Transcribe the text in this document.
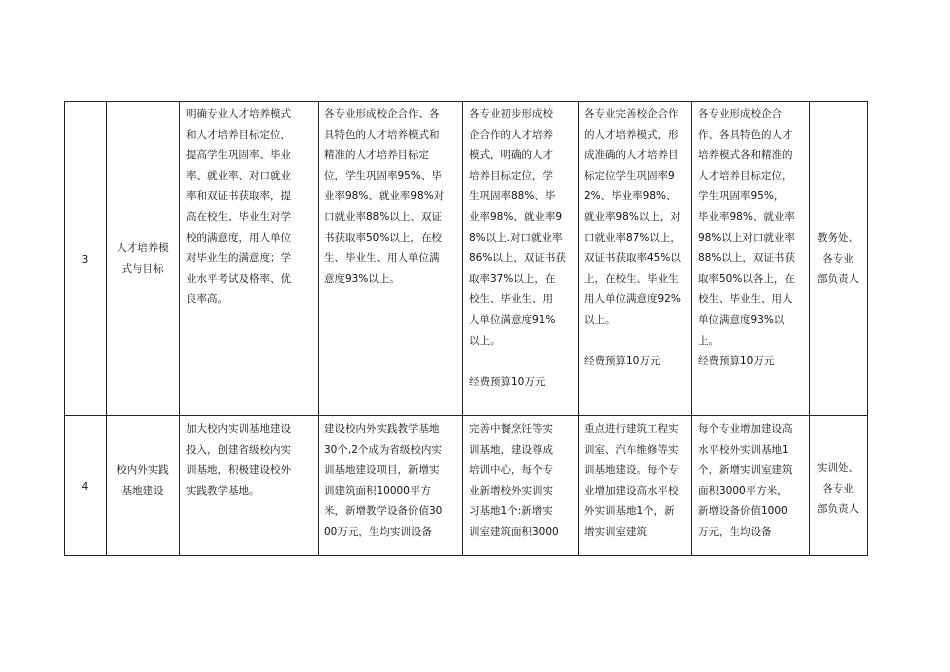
3
人才培养模
式与目标
明确专业人才培养模式
和人才培养目标定位，
提高学生巩固率、毕业
率、就业率、对口就业
率和双证书获取率，提
高在校生、毕业生对学
校的满意度，用人单位
对毕业生的满意度；学
业水平考试及格率、优
良率高。
各专业形成校企合作、各
具特色的人才培养模式和
精准的人才培养目标定
位，学生巩固率95%、毕
业率98%、就业率98%对
口就业率88%以上、双证
书获取率50%以上，在校
生、毕业生、用人单位满
意度93%以上。
各专业初步形成校
企合作的人才培养
模式，明确的人才
培养目标定位，学
生巩固率88%、毕
业率98%、就业率9
8%以上.对口就业率
86%以上，双证书获
取率37%以上，在
校生、毕业生、用
人单位满意度91%
以上。

经费预算10万元
各专业完善校企合作
的人才培养模式，形
成准确的人才培养目
标定位学生巩固率9
2%、毕业率98%、
就业率98%以上，对
口就业率87%以上，
双证书获取率45%以
上，在校生、毕业生
用人单位满意度92%
以上。

经费预算10万元
各专业形成校企合
作、各具特色的人才
培养模式各和精准的
人才培养目标定位，
学生巩固率95%，
毕业率98%、就业率
98%以上对口就业率
88%以上，双证书获
取率50%以各上，在
校生、毕业生、用人
单位满意度93%以
上。
经费预算10万元
教务处、
各专业
部负责人
4
校内外实践
基地建设
加大校内实训基地建设
投入，创建省级校内实
训基地，积极建设校外
实践教学基地。
建设校内外实践教学基地
30个,2个成为省级校内实
训基地建设项目，新增实
训建筑面积10000平方
米，新增教学设备价值30
00万元，生均实训设备
完善中餐烹饪等实
训基地，建设尊成
培训中心，每个专
业新增校外实训实
习基地1个:新增实
训室建筑面积3000
重点进行建筑工程实
训室、汽车维修等实
训基地建设。每个专
业增加建设高水平校
外实训基地1个，新
增实训室建筑
每个专业增加建设高
水平校外实训基地1
个，新增实训室建筑
面积3000平方米，
新增设备价值1000
万元，生均设备
实训处、
各专业
部负责人
